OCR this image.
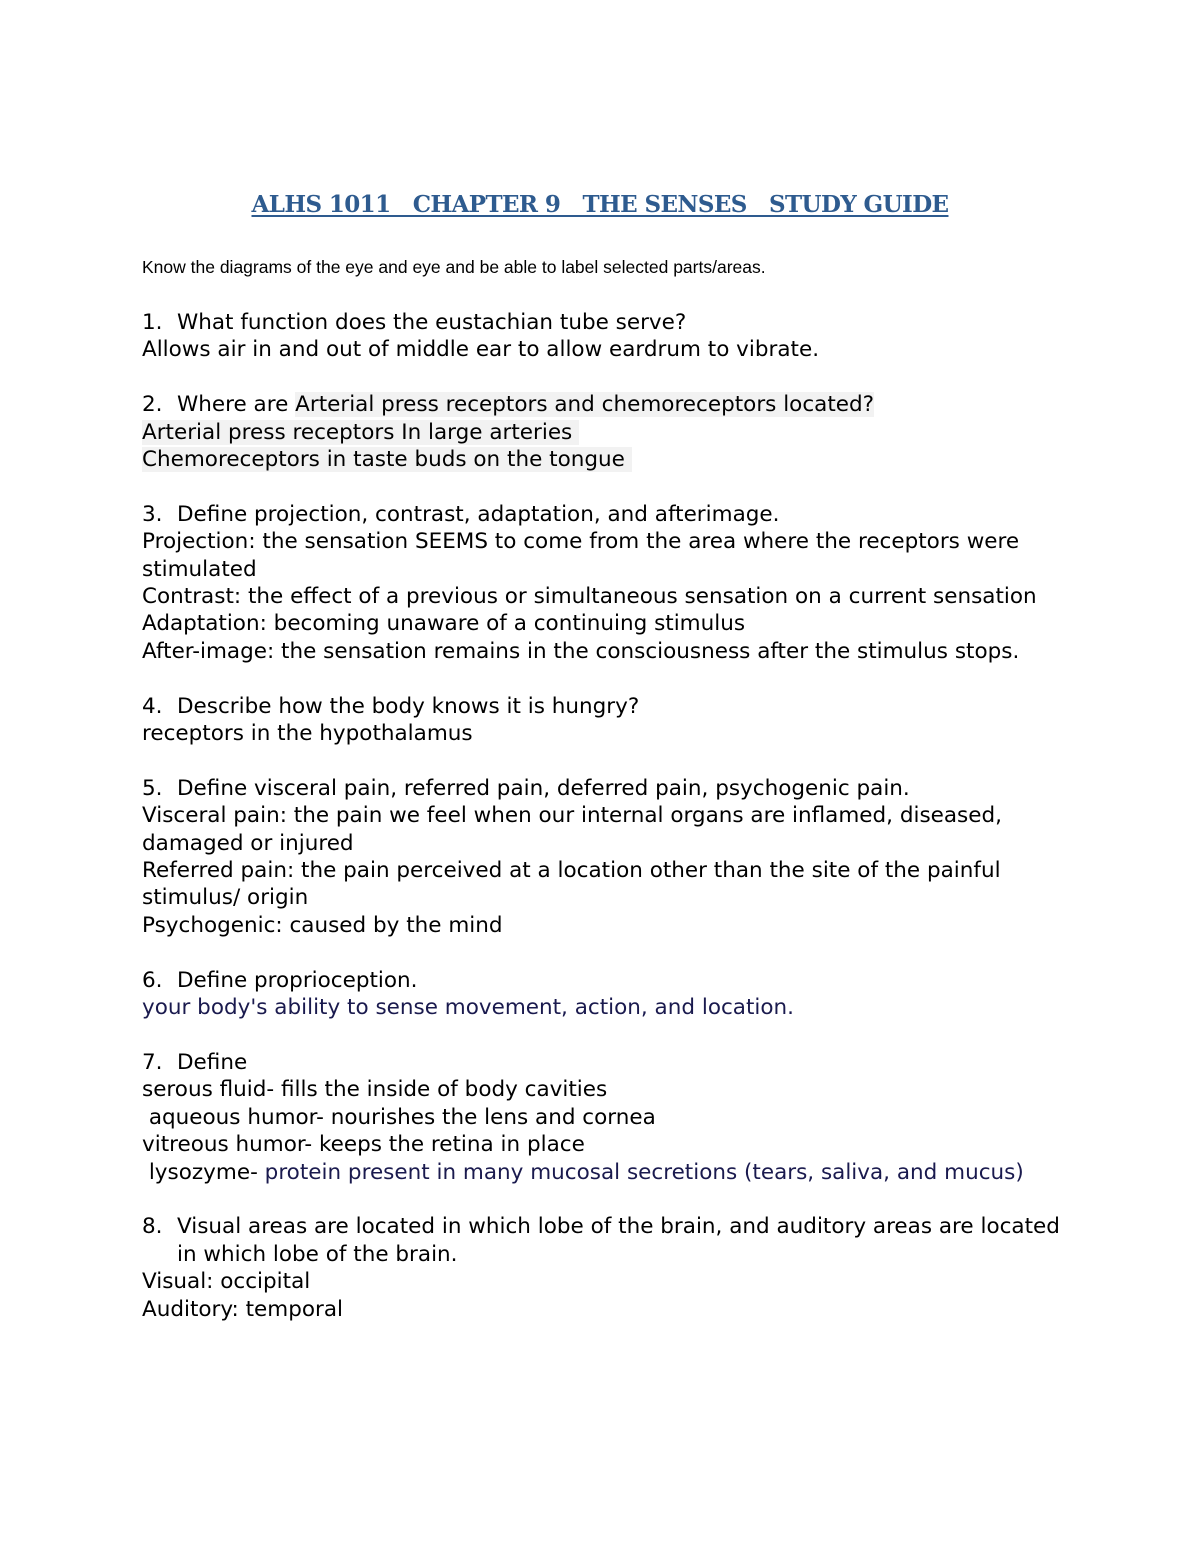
ALHS 1011   CHAPTER 9   THE SENSES   STUDY GUIDE
Know the diagrams of the eye and eye and be able to label selected parts/areas.
1. What function does the eustachian tube serve?
Allows air in and out of middle ear to allow eardrum to vibrate.
2. Where are Arterial press receptors and chemoreceptors located?
Arterial press receptors In large arteries
Chemoreceptors in taste buds on the tongue
3. Define projection, contrast, adaptation, and afterimage.
Projection: the sensation SEEMS to come from the area where the receptors were stimulated
Contrast: the effect of a previous or simultaneous sensation on a current sensation
Adaptation: becoming unaware of a continuing stimulus
After-image: the sensation remains in the consciousness after the stimulus stops.
4. Describe how the body knows it is hungry?
receptors in the hypothalamus
5. Define visceral pain, referred pain, deferred pain, psychogenic pain.
Visceral pain: the pain we feel when our internal organs are inflamed, diseased, damaged or injured
Referred pain: the pain perceived at a location other than the site of the painful stimulus/ origin
Psychogenic: caused by the mind
6. Define proprioception.
your body's ability to sense movement, action, and location.
7. Define
serous fluid- fills the inside of body cavities
aqueous humor- nourishes the lens and cornea
vitreous humor- keeps the retina in place
lysozyme- protein present in many mucosal secretions (tears, saliva, and mucus)
8. Visual areas are located in which lobe of the brain, and auditory areas are located in which lobe of the brain.
Visual: occipital
Auditory: temporal
